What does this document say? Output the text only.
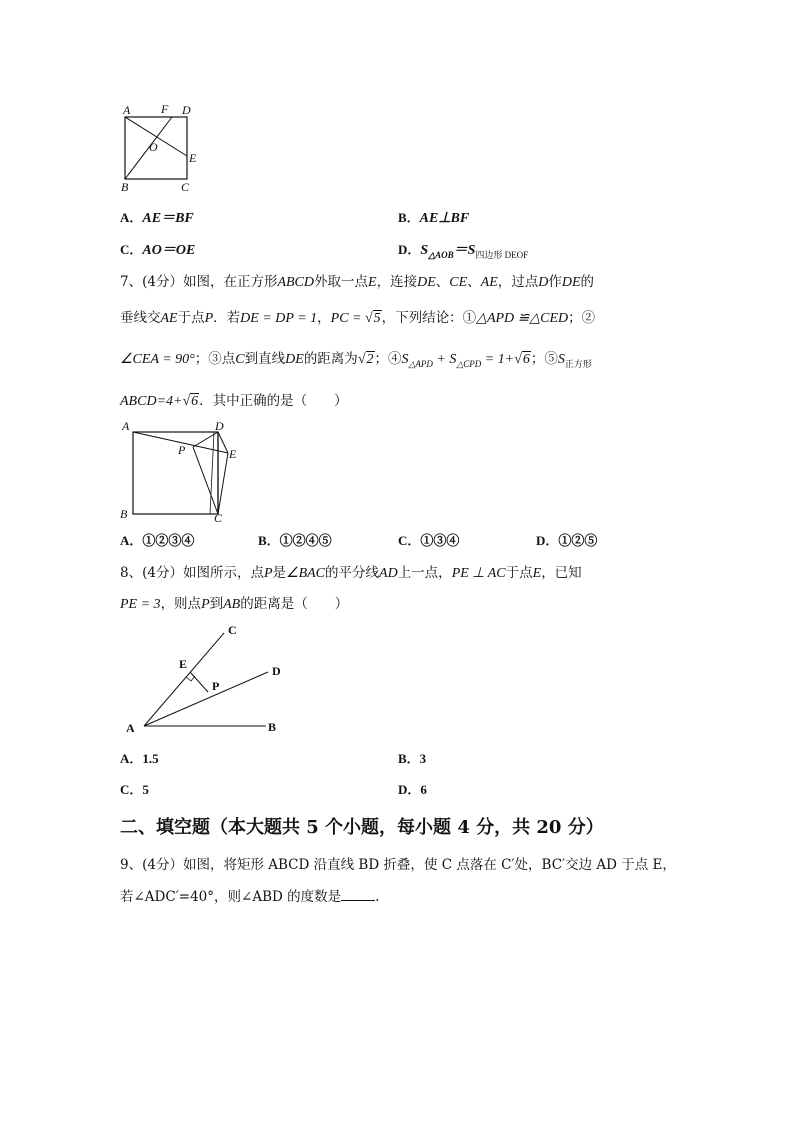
A	F D
O
E
B	C
A．AE＝BF	B．AE⊥BF
C．AO＝OE	D．$S_{\triangle AOB}=S_{四边形 DEOF}$
7、(4分）如图，在正方形ABCD外取一点E，连接DE、CE、AE，过点D作DE的
垂线交AE于点P．若DE = DP = 1，PC = √5，下列结论：①△APD ≌△CED；②
∠CEA = 90°；③点C到直线DE的距离为√2；$④S_{\triangle APD} + S_{\triangle CPD} = 1+√6$；$⑤S_{正方形}$
ABCD=4+√6．其中正确的是（　　）
A	D
P	E
B	C
A．①②③④	B．①②④⑤	C．①③④	D．①②⑤
8、(4分）如图所示，点P是∠BAC的平分线AD上一点，PE ⊥ AC于点E，已知
PE = 3，则点P到AB的距离是（　　）
C
E	D
P
A	B
A．1.5	B．3
C．5	D．6
二、填空题（本大题共 5 个小题，每小题 4 分，共 20 分）
9、(4分）如图，将矩形 ABCD 沿直线 BD 折叠，使 C 点落在 C′处，BC′交边 AD 于点 E，
若∠ADC′=40°，则∠ABD 的度数是	.
